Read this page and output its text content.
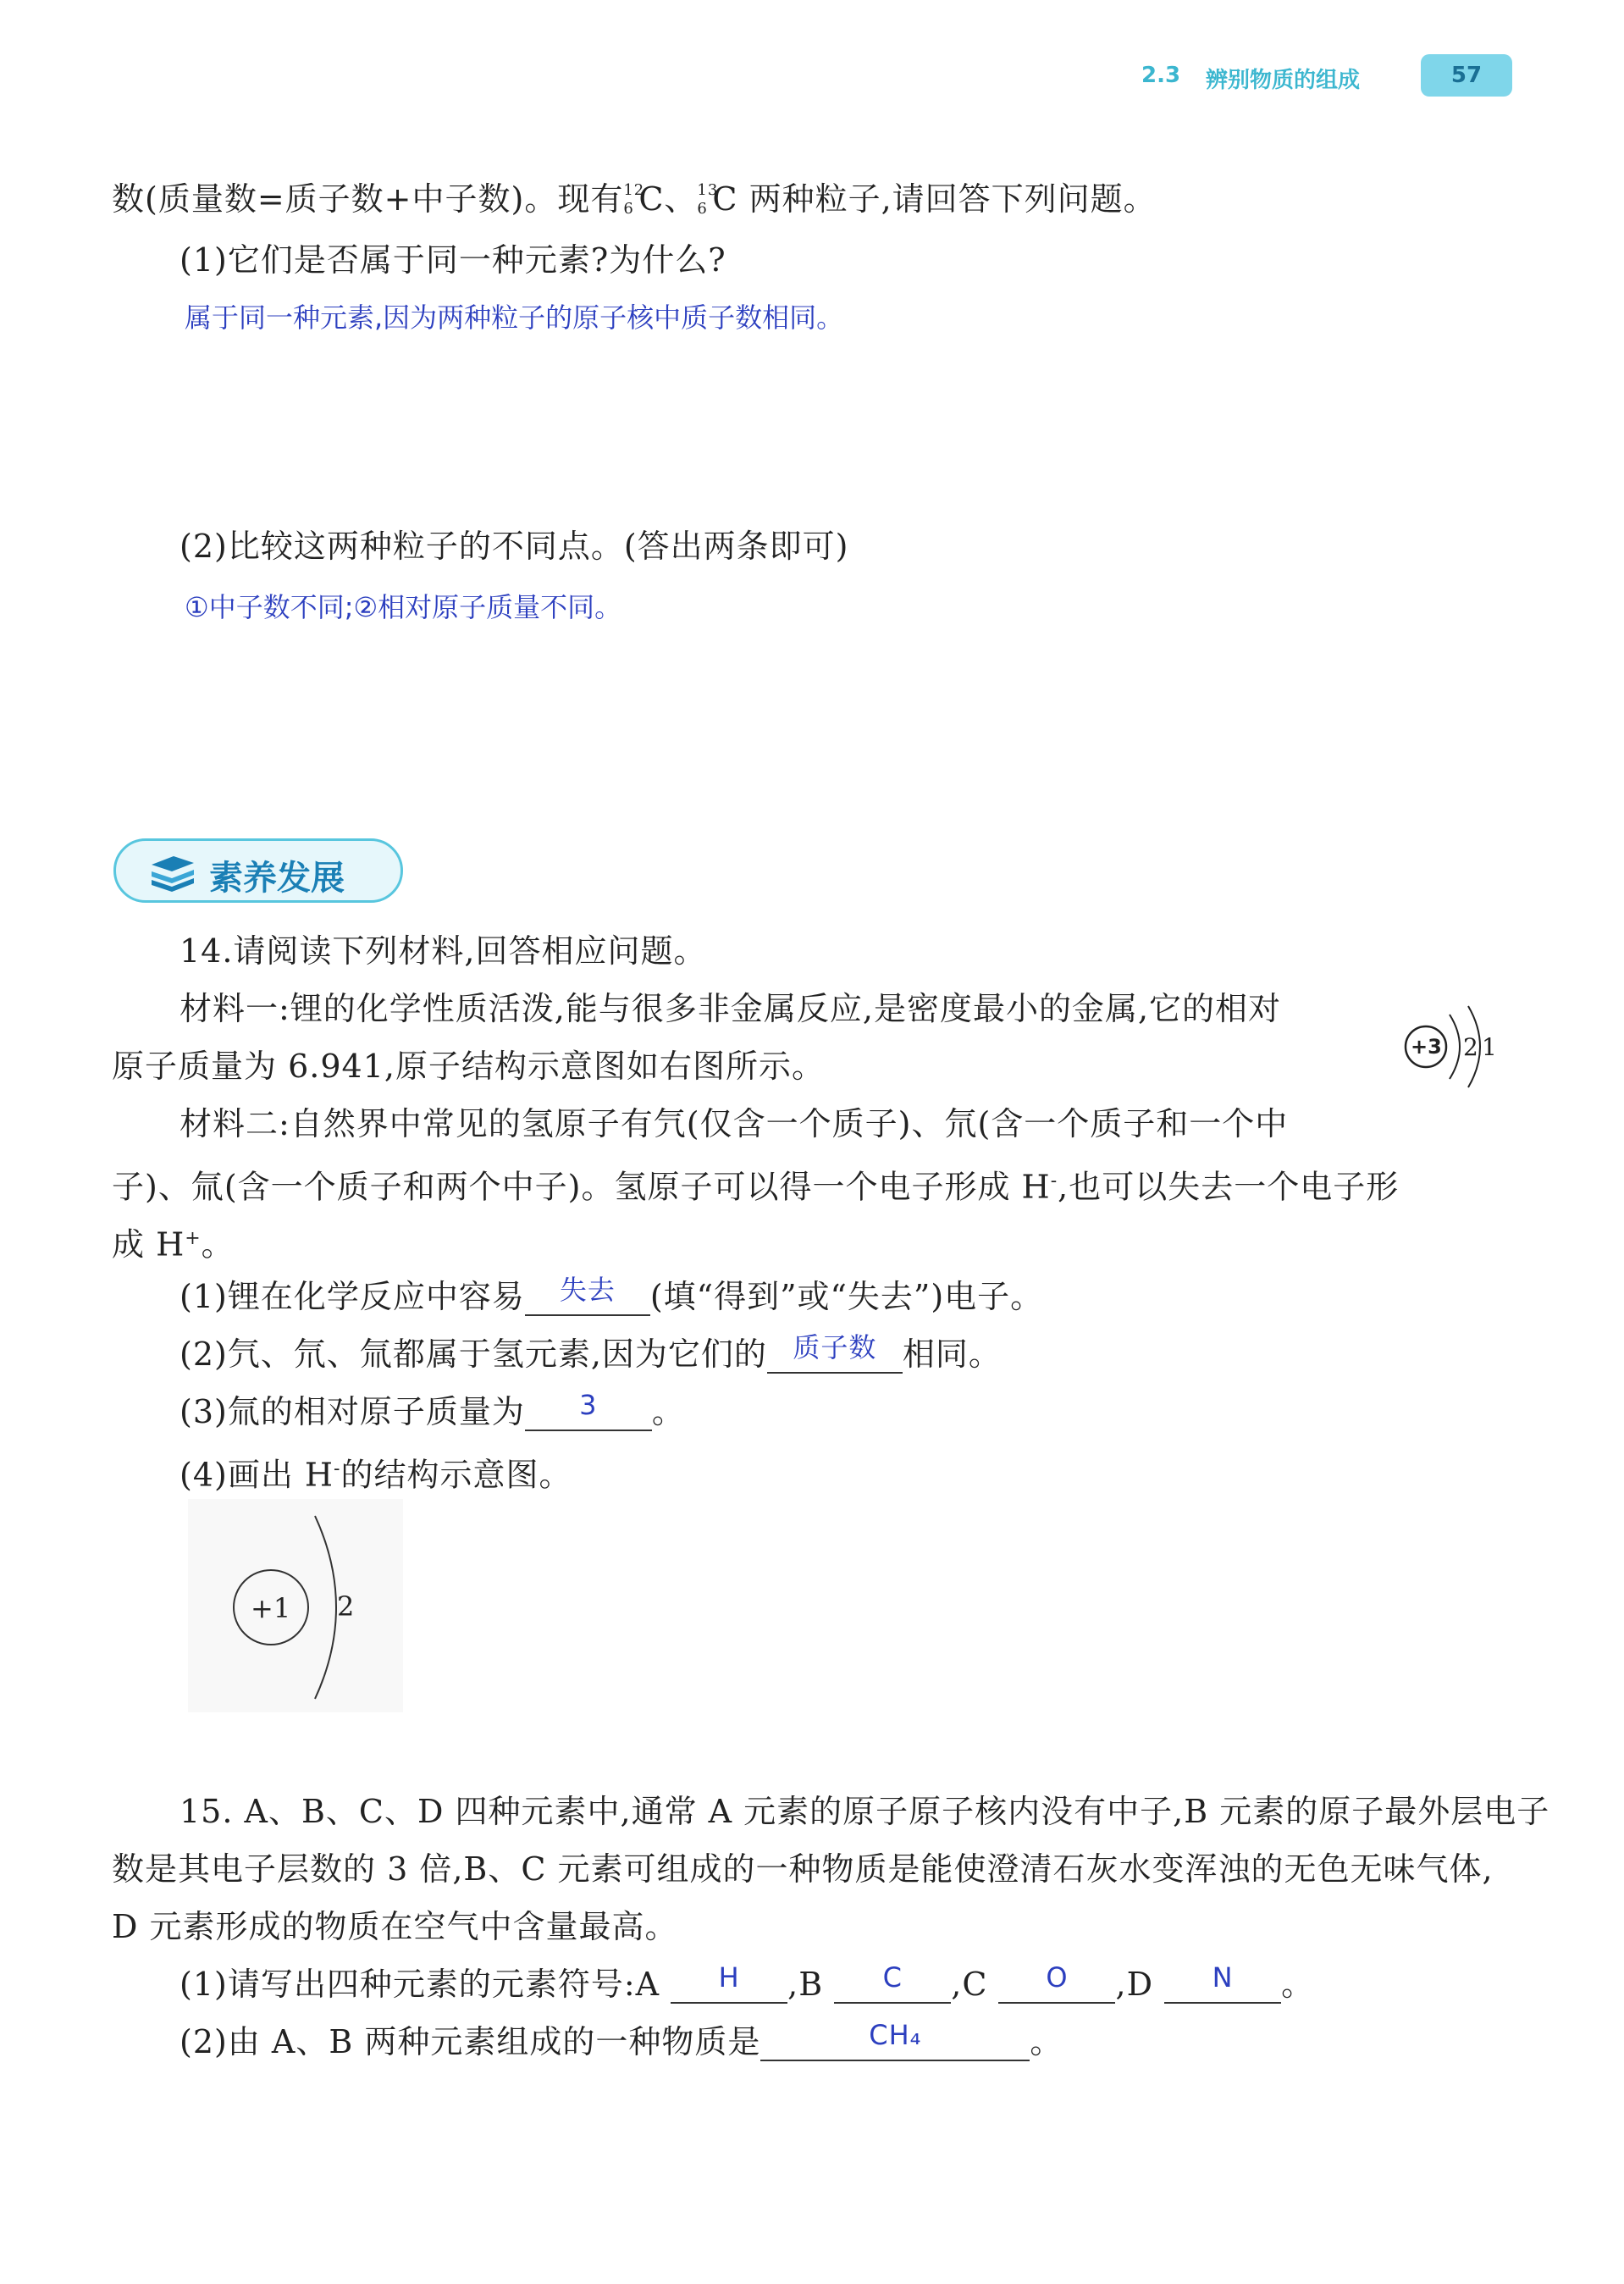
2.3 辨别物质的组成	57
数(质量数=质子数+中子数)。现有 12
6 C、 13
6 C 两种粒子,请回答下列问题。
(1)它们是否属于同一种元素?为什么?
属于同一种元素,因为两种粒子的原子核中质子数相同。
(2)比较这两种粒子的不同点。(答出两条即可)
①中子数不同;②相对原子质量不同。
素养发展
14.请阅读下列材料,回答相应问题。
材料一:锂的化学性质活泼,能与很多非金属反应,是密度最小的金属,它的相对
原子质量为 6.941,原子结构示意图如右图所示。
+3 2 1
材料二:自然界中常见的氢原子有氕(仅含一个质子)、氘(含一个质子和一个中
子)、氚(含一个质子和两个中子)。氢原子可以得一个电子形成 H-,也可以失去一个电子形
成 H+。
(1)锂在化学反应中容易	失去	(填“得到”或“失去”)电子。
(2)氕、氘、氚都属于氢元素,因为它们的 质子数 相同。
(3)氚的相对原子质量为	3	。
(4)画出 H-的结构示意图。
+1 2
15. A、B、C、D 四种元素中,通常 A 元素的原子原子核内没有中子,B 元素的原子最外层电子
数是其电子层数的 3 倍,B、C 元素可组成的一种物质是能使澄清石灰水变浑浊的无色无味气体,
D 元素形成的物质在空气中含量最高。
(1)请写出四种元素的元素符号:A	H	,B	C	,C	O	,D	N	。
(2)由 A、B 两种元素组成的一种物质是	CH₄	。
